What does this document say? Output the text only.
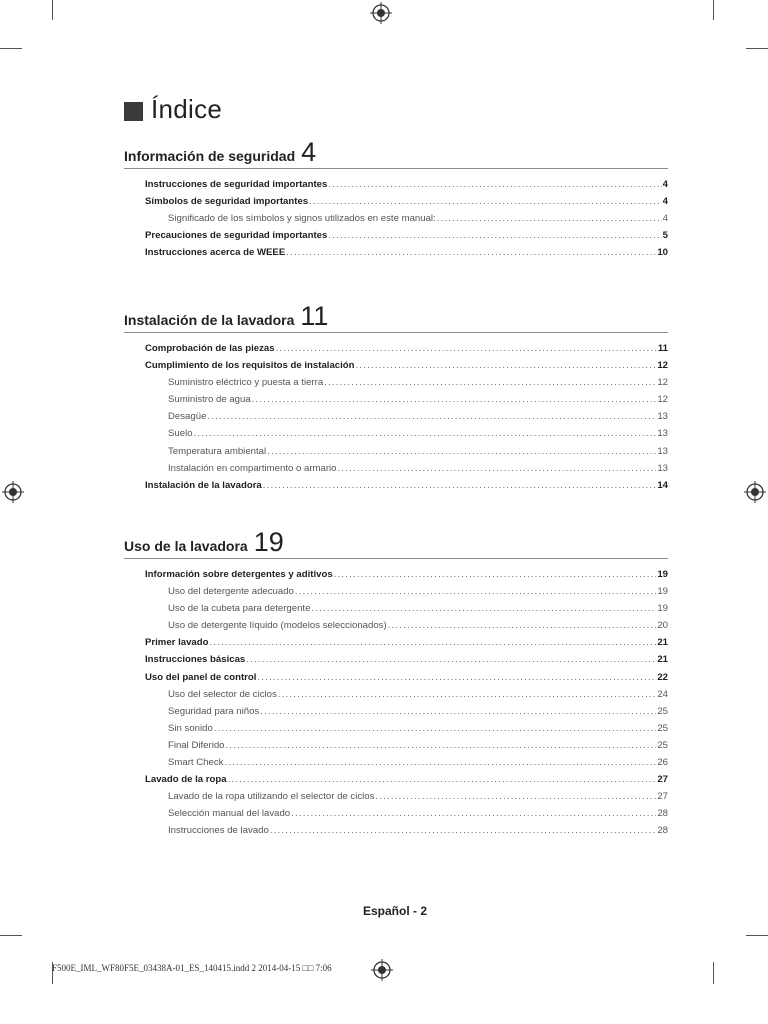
Índice
Información de seguridad 4
Instrucciones de seguridad importantes .....	4
Símbolos de seguridad importantes .....	4
Significado de los símbolos y signos utilizados en este manual: .....	4
Precauciones de seguridad importantes .....	5
Instrucciones acerca de WEEE .....	10
Instalación de la lavadora 11
Comprobación de las piezas .....	11
Cumplimiento de los requisitos de instalación .....	12
Suministro eléctrico y puesta a tierra .....	12
Suministro de agua .....	12
Desagüe .....	13
Suelo .....	13
Temperatura ambiental .....	13
Instalación en compartimento o armario .....	13
Instalación de la lavadora .....	14
Uso de la lavadora 19
Información sobre detergentes y aditivos .....	19
Uso del detergente adecuado .....	19
Uso de la cubeta para detergente .....	19
Uso de detergente líquido (modelos seleccionados) .....	20
Primer lavado .....	21
Instrucciones básicas .....	21
Uso del panel de control .....	22
Uso del selector de ciclos .....	24
Seguridad para niños .....	25
Sin sonido .....	25
Final Diferido .....	25
Smart Check .....	26
Lavado de la ropa .....	27
Lavado de la ropa utilizando el selector de ciclos .....	27
Selección manual del lavado .....	28
Instrucciones de lavado .....	28
Español - 2
F500E_IML_WF80F5E_03438A-01_ES_140415.indd 2 2014-04-15 □□ 7:06
